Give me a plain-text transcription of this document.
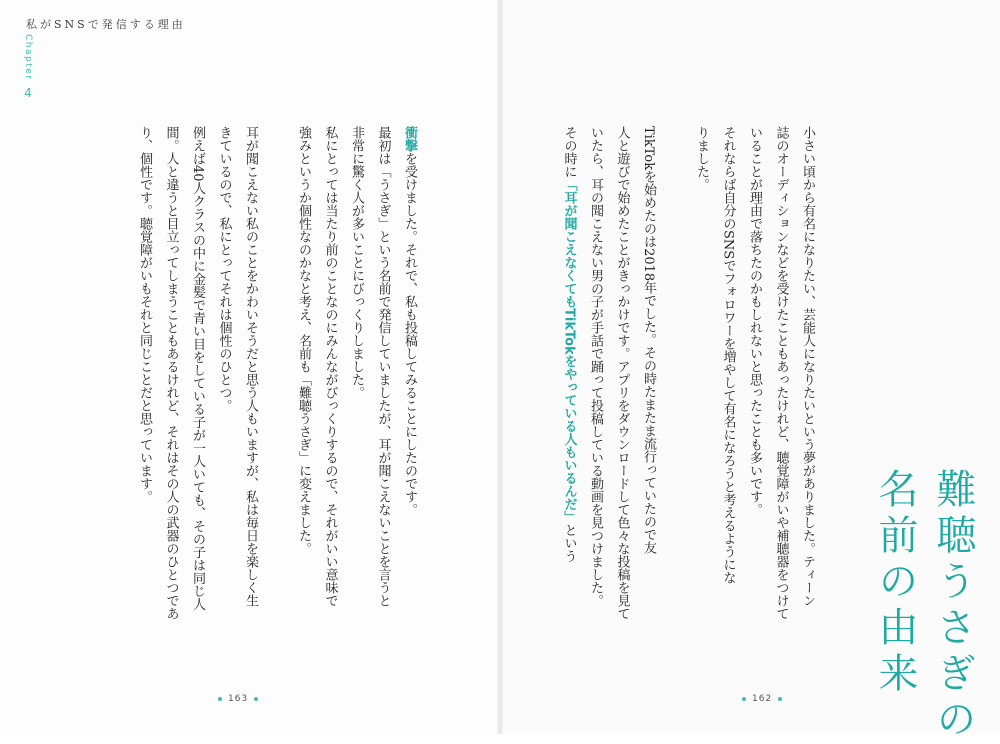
私がSNSで発信する理由
Chapter
4
衝撃を受けました。それで、私も投稿してみることにしたのです。
最初は「うさぎ」という名前で発信していましたが、耳が聞こえないことを言うと
非常に驚く人が多いことにびっくりしました。
私にとっては当たり前のことなのにみんながびっくりするので、それがいい意味で
強みというか個性なのかなと考え、名前も「難聴うさぎ」に変えました。
耳が聞こえない私のことをかわいそうだと思う人もいますが、私は毎日を楽しく生
きているので、私にとってそれは個性のひとつ。
例えば40人クラスの中に金髪で青い目をしている子が一人いても、その子は同じ人
間。人と違うと目立ってしまうこともあるけれど、それはその人の武器のひとつであ
り、個性です。聴覚障がいもそれと同じことだと思っています。
163
小さい頃から有名になりたい、芸能人になりたいという夢がありました。ティーン
誌のオーディションなどを受けたこともあったけれど、聴覚障がいや補聴器をつけて
いることが理由で落ちたのかもしれないと思ったことも多いです。
それならば自分のSNSでフォロワーを増やして有名になろうと考えるようにな
りました。
TikTokを始めたのは2018年でした。その時たまたま流行っていたので友
人と遊びで始めたことがきっかけです。アプリをダウンロードして色々な投稿を見て
いたら、耳の聞こえない男の子が手話で踊って投稿している動画を見つけました。
その時に「耳が聞こえなくてもTikTokをやっている人もいるんだ」という	難聴うさぎの
名前の由来
162
